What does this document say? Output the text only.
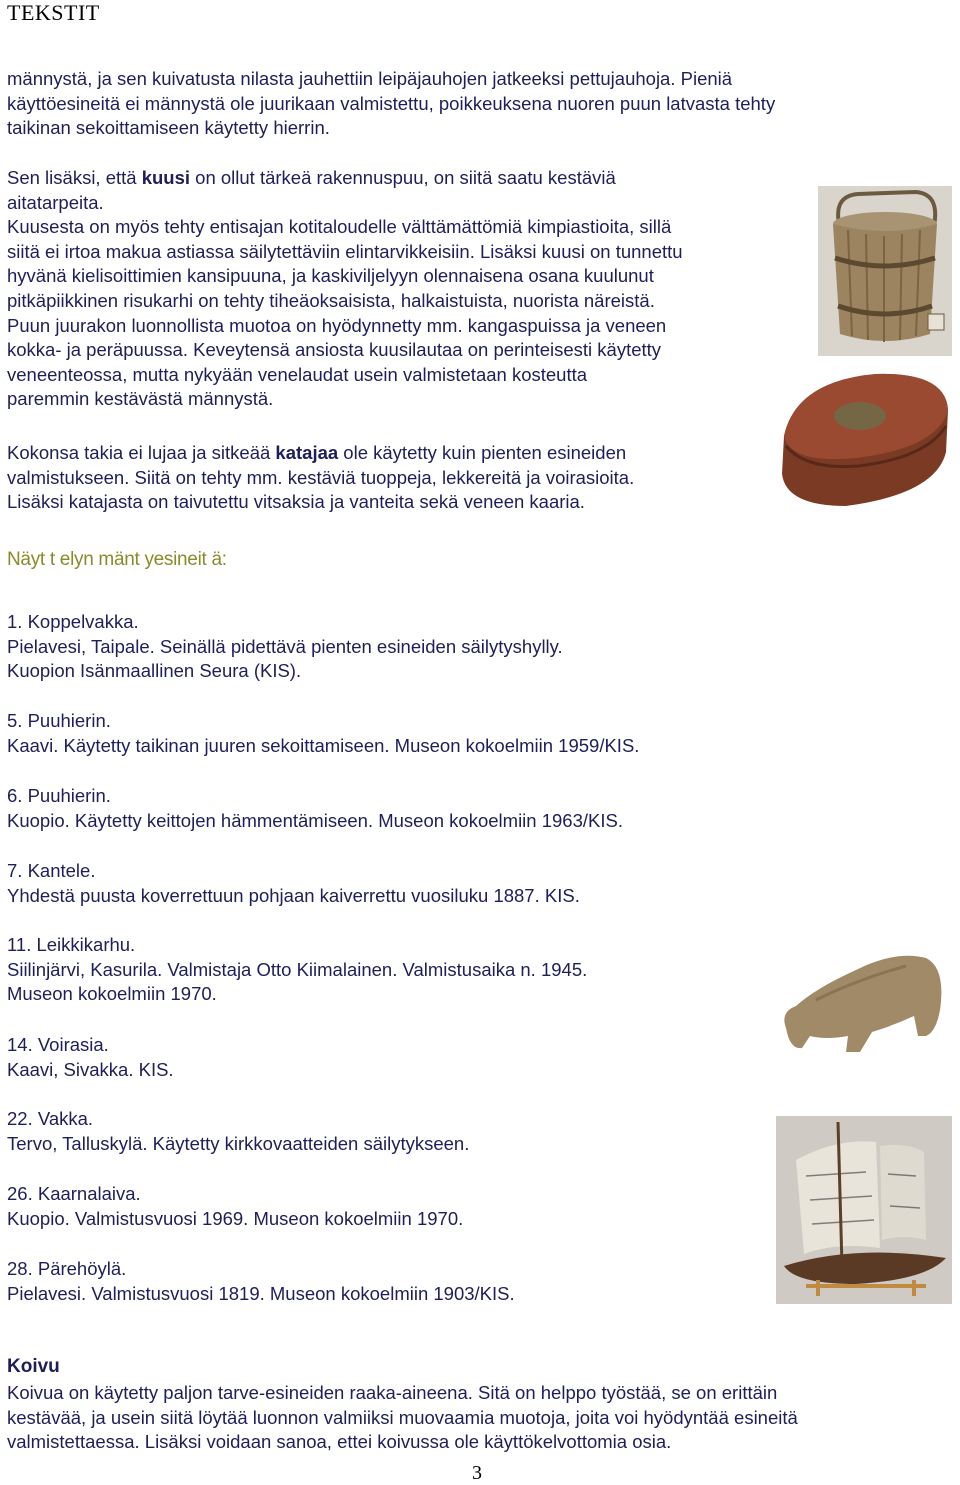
TEKSTIT
männystä, ja sen kuivatusta nilasta jauhettiin leipäjauhojen jatkeeksi pettujauhoja. Pieniä
käyttöesineitä ei männystä ole juurikaan valmistettu, poikkeuksena nuoren puun latvasta tehty
taikinan sekoittamiseen käytetty hierrin.
Sen lisäksi, että kuusi on ollut tärkeä rakennuspuu, on siitä saatu kestäviä
aitatarpeita.
Kuusesta on myös tehty entisajan kotitaloudelle välttämättömiä kimpiastioita, sillä
siitä ei irtoa makua astiassa säilytettäviin elintarvikkeisiin. Lisäksi kuusi on tunnettu
hyvänä kielisoittimien kansipuuna, ja kaskiviljelyyn olennaisena osana kuulunut
pitkäpiikkinen risukarhi on tehty tiheäoksaisista, halkaistuista, nuorista näreistä.
Puun juurakon luonnollista muotoa on hyödynnetty mm. kangaspuissa ja veneen
kokka- ja peräpuussa. Keveytensä ansiosta kuusilautaa on perinteisesti käytetty
veneenteossa, mutta nykyään venelaudat usein valmistetaan kosteutta
paremmin kestävästä männystä.
Kokonsa takia ei lujaa ja sitkeää katajaa ole käytetty kuin pienten esineiden
valmistukseen. Siitä on tehty mm. kestäviä tuoppeja, lekkereitä ja voirasioita.
Lisäksi katajasta on taivutettu vitsaksia ja vanteita sekä veneen kaaria.
Näyt t elyn mänt yesineit ä:
1. Koppelvakka.
Pielavesi, Taipale. Seinällä pidettävä pienten esineiden säilytyshylly.
Kuopion Isänmaallinen Seura (KIS).
5. Puuhierin.
Kaavi. Käytetty taikinan juuren sekoittamiseen. Museon kokoelmiin 1959/KIS.
6. Puuhierin.
Kuopio. Käytetty keittojen hämmentämiseen. Museon kokoelmiin 1963/KIS.
7. Kantele.
Yhdestä puusta koverrettuun pohjaan kaiverrettu vuosiluku 1887. KIS.
11. Leikkikarhu.
Siilinjärvi, Kasurila. Valmistaja Otto Kiimalainen. Valmistusaika n. 1945.
Museon kokoelmiin 1970.
14. Voirasia.
Kaavi, Sivakka. KIS.
22. Vakka.
Tervo, Talluskylä. Käytetty kirkkovaatteiden säilytykseen.
26. Kaarnalaiva.
Kuopio. Valmistusvuosi 1969. Museon kokoelmiin 1970.
28. Pärehöylä.
Pielavesi. Valmistusvuosi 1819. Museon kokoelmiin 1903/KIS.
Koivu
Koivua on käytetty paljon tarve-esineiden raaka-aineena. Sitä on helppo työstää, se on erittäin
kestävää, ja usein siitä löytää luonnon valmiiksi muovaamia muotoja, joita voi hyödyntää esineitä
valmistettaessa. Lisäksi voidaan sanoa, ettei koivussa ole käyttökelvottomia osia.
3
